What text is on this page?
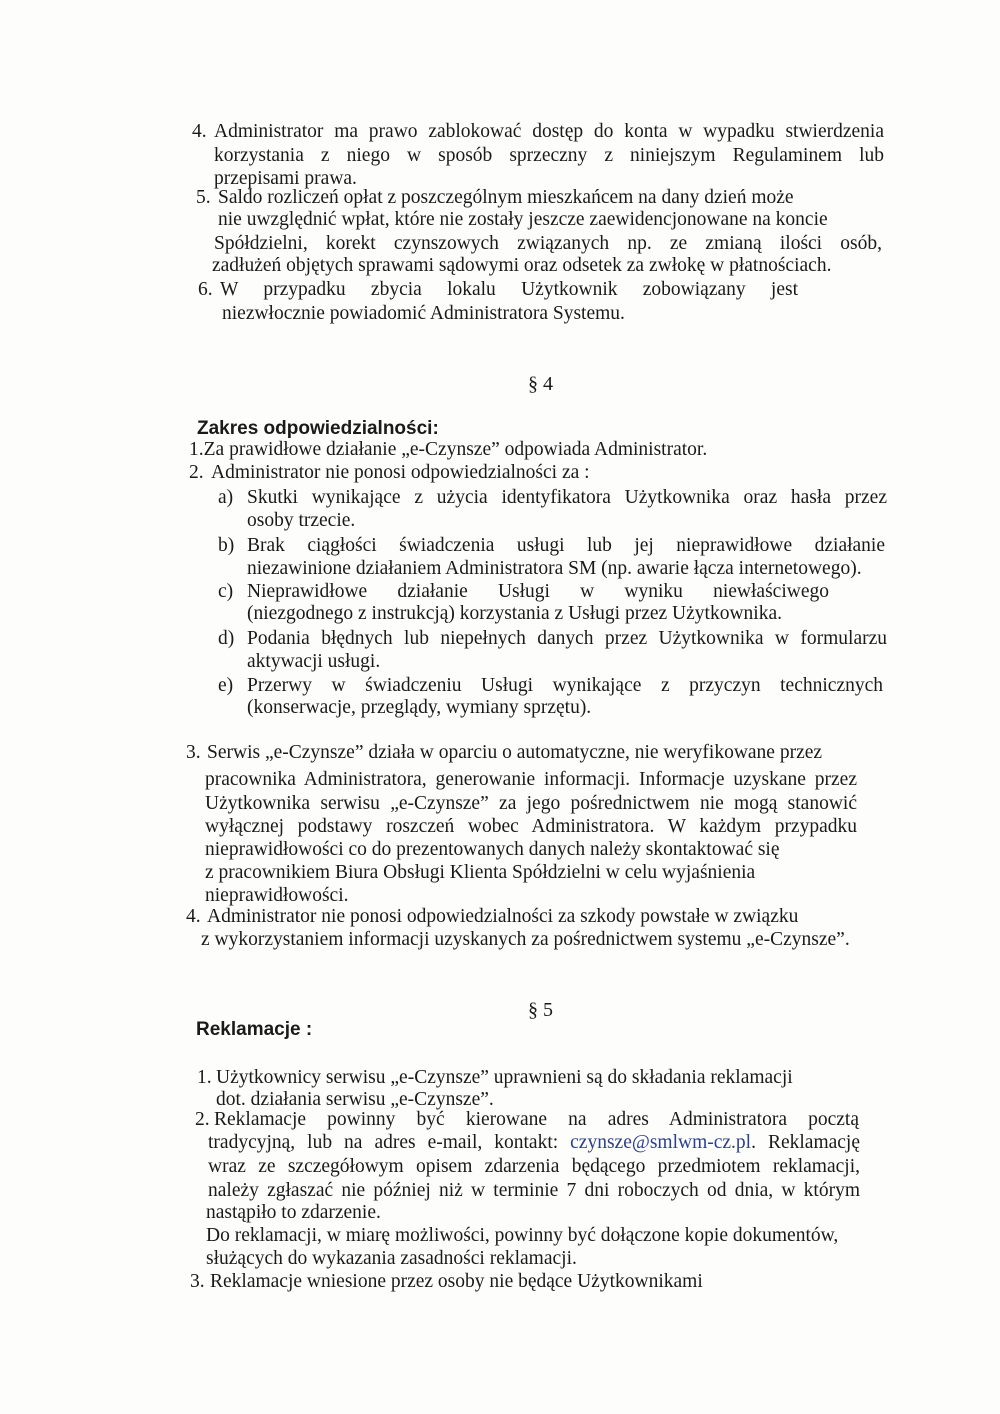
4. Administrator ma prawo zablokować dostęp do konta w wypadku stwierdzenia
korzystania z niego w sposób sprzeczny z niniejszym Regulaminem lub
przepisami prawa.
5. Saldo rozliczeń opłat z poszczególnym mieszkańcem na dany dzień może
nie uwzględnić wpłat, które nie zostały jeszcze zaewidencjonowane na koncie
Spółdzielni, korekt czynszowych związanych np. ze zmianą ilości osób,
zadłużeń objętych sprawami sądowymi oraz odsetek za zwłokę w płatnościach.
6. W przypadku zbycia lokalu Użytkownik zobowiązany jest
niezwłocznie powiadomić Administratora Systemu.
§ 4
Zakres odpowiedzialności:
1.Za prawidłowe działanie „e-Czynsze” odpowiada Administrator.
2. Administrator nie ponosi odpowiedzialności za :
a) Skutki wynikające z użycia identyfikatora Użytkownika oraz hasła przez
osoby trzecie.
b) Brak ciągłości świadczenia usługi lub jej nieprawidłowe działanie
niezawinione działaniem Administratora SM (np. awarie łącza internetowego).
c) Nieprawidłowe działanie Usługi w wyniku niewłaściwego
(niezgodnego z instrukcją) korzystania z Usługi przez Użytkownika.
d) Podania błędnych lub niepełnych danych przez Użytkownika w formularzu
aktywacji usługi.
e) Przerwy w świadczeniu Usługi wynikające z przyczyn technicznych
(konserwacje, przeglądy, wymiany sprzętu).
3. Serwis „e-Czynsze” działa w oparciu o automatyczne, nie weryfikowane przez
pracownika Administratora, generowanie informacji. Informacje uzyskane przez
Użytkownika serwisu „e-Czynsze” za jego pośrednictwem nie mogą stanowić
wyłącznej podstawy roszczeń wobec Administratora. W każdym przypadku
nieprawidłowości co do prezentowanych danych należy skontaktować się
z pracownikiem Biura Obsługi Klienta Spółdzielni w celu wyjaśnienia
nieprawidłowości.
4. Administrator nie ponosi odpowiedzialności za szkody powstałe w związku
z wykorzystaniem informacji uzyskanych za pośrednictwem systemu „e-Czynsze”.
§ 5
Reklamacje :
1. Użytkownicy serwisu „e-Czynsze” uprawnieni są do składania reklamacji
dot. działania serwisu „e-Czynsze”.
2. Reklamacje powinny być kierowane na adres Administratora pocztą
tradycyjną, lub na adres e-mail, kontakt: czynsze@smlwm-cz.pl. Reklamację
wraz ze szczegółowym opisem zdarzenia będącego przedmiotem reklamacji,
należy zgłaszać nie później niż w terminie 7 dni roboczych od dnia, w którym
nastąpiło to zdarzenie.
Do reklamacji, w miarę możliwości, powinny być dołączone kopie dokumentów,
służących do wykazania zasadności reklamacji.
3. Reklamacje wniesione przez osoby nie będące Użytkownikami
